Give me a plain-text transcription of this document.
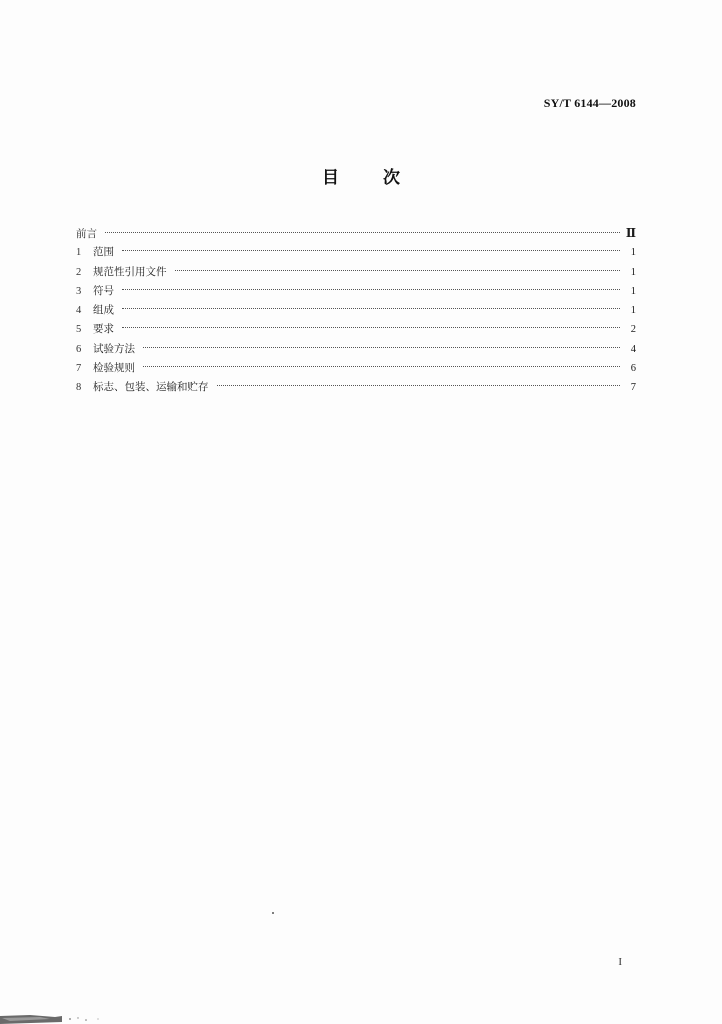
SY/T 6144—2008
目	次
前言	Ⅱ
1	范围	1
2	规范性引用文件	1
3	符号	1
4	组成	1
5	要求	2
6	试验方法	4
7	检验规则	6
8	标志、包装、运输和贮存	7
I
